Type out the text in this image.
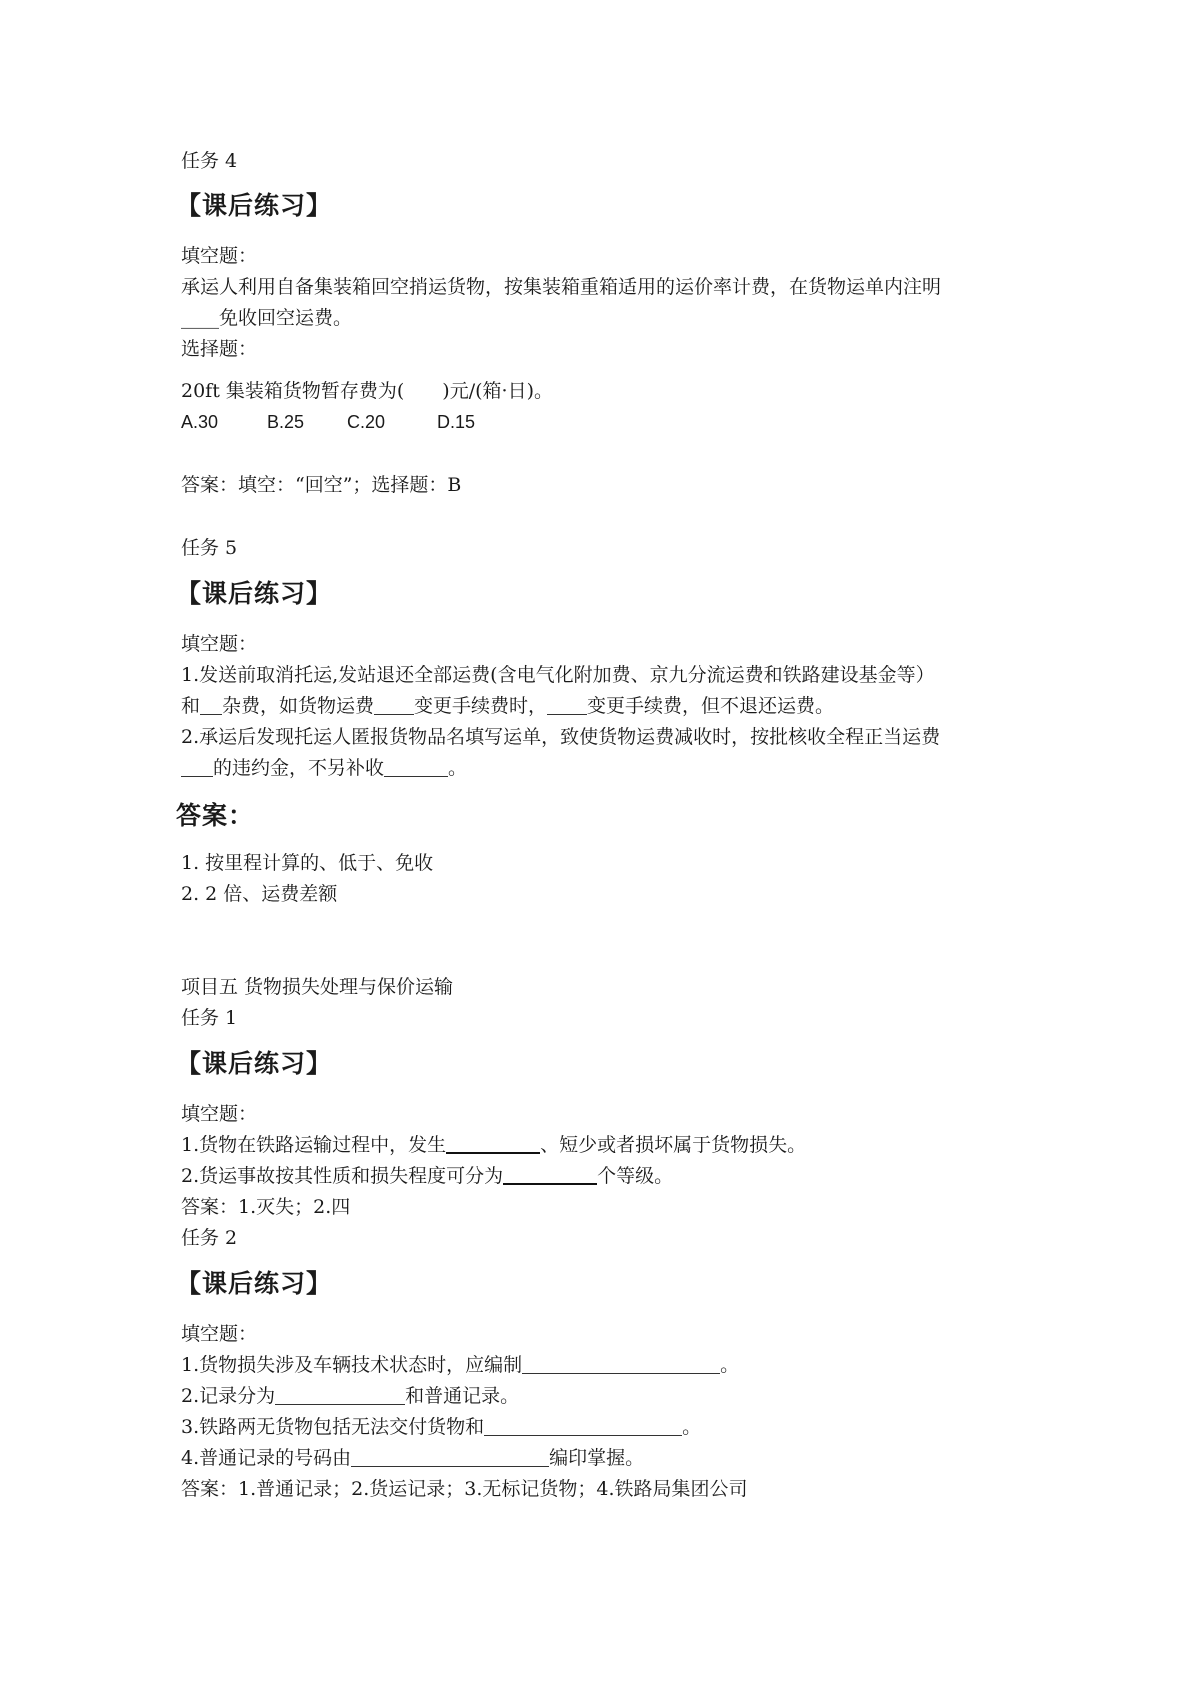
任务 4
【课后练习】
填空题：
承运人利用自备集装箱回空捎运货物，按集装箱重箱适用的运价率计费，在货物运单内注明
____免收回空运费。
选择题：
20ft 集装箱货物暂存费为(　　)元/(箱·日)。
A.30	B.25 C.20	D.15
答案：填空：“回空”；选择题：B
任务 5
【课后练习】
填空题：
1.发送前取消托运,发站退还全部运费(含电气化附加费、京九分流运费和铁路建设基金等）
和 杂费，如货物运费 变更手续费时， 变更手续费，但不退还运费。
2.承运后发现托运人匿报货物品名填写运单，致使货物运费减收时，按批核收全程正当运费
的违约金，不另补收	。
答案：
1. 按里程计算的、低于、免收
2. 2 倍、运费差额
项目五 货物损失处理与保价运输
任务 1
【课后练习】
填空题：
1.货物在铁路运输过程中，发生	、短少或者损坏属于货物损失。
2.货运事故按其性质和损失程度可分为	个等级。
答案：1.灭失；2.四
任务 2
【课后练习】
填空题：
1.货物损失涉及车辆技术状态时，应编制	。
2.记录分为	和普通记录。
3.铁路两无货物包括无法交付货物和	。
4.普通记录的号码由	编印掌握。
答案：1.普通记录；2.货运记录；3.无标记货物；4.铁路局集团公司
